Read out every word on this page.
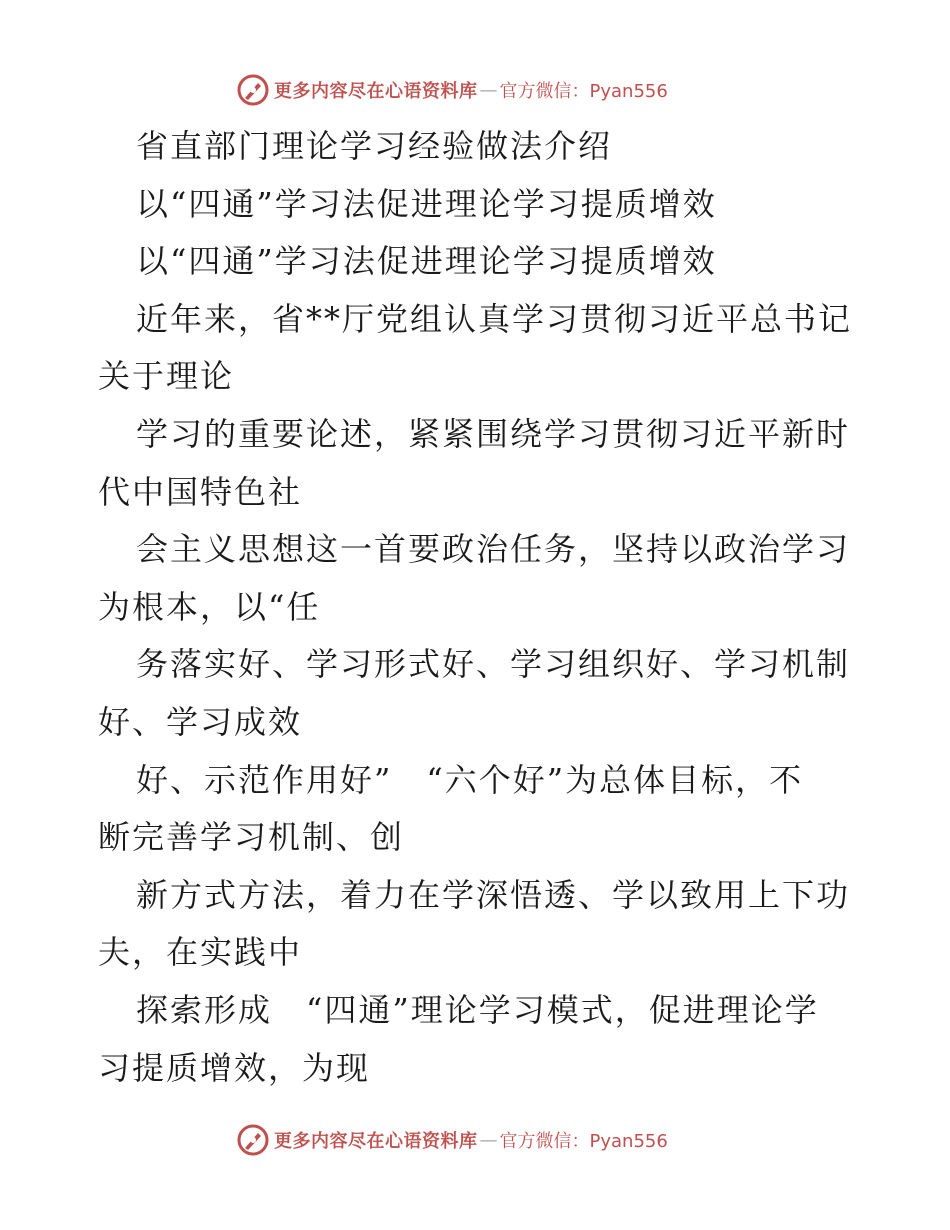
更多内容尽在心语资料库 — 官方微信：Pyan556
省直部门理论学习经验做法介绍
以“四通”学习法促进理论学习提质增效
以“四通”学习法促进理论学习提质增效
近年来，省**厅党组认真学习贯彻习近平总书记
关于理论
学习的重要论述，紧紧围绕学习贯彻习近平新时
代中国特色社
会主义思想这一首要政治任务，坚持以政治学习
为根本，以“任
务落实好、学习形式好、学习组织好、学习机制
好、学习成效
好、示范作用好”　“六个好”为总体目标，不
断完善学习机制、创
新方式方法，着力在学深悟透、学以致用上下功
夫，在实践中
探索形成　“四通”理论学习模式，促进理论学
习提质增效，为现
更多内容尽在心语资料库 — 官方微信：Pyan556
